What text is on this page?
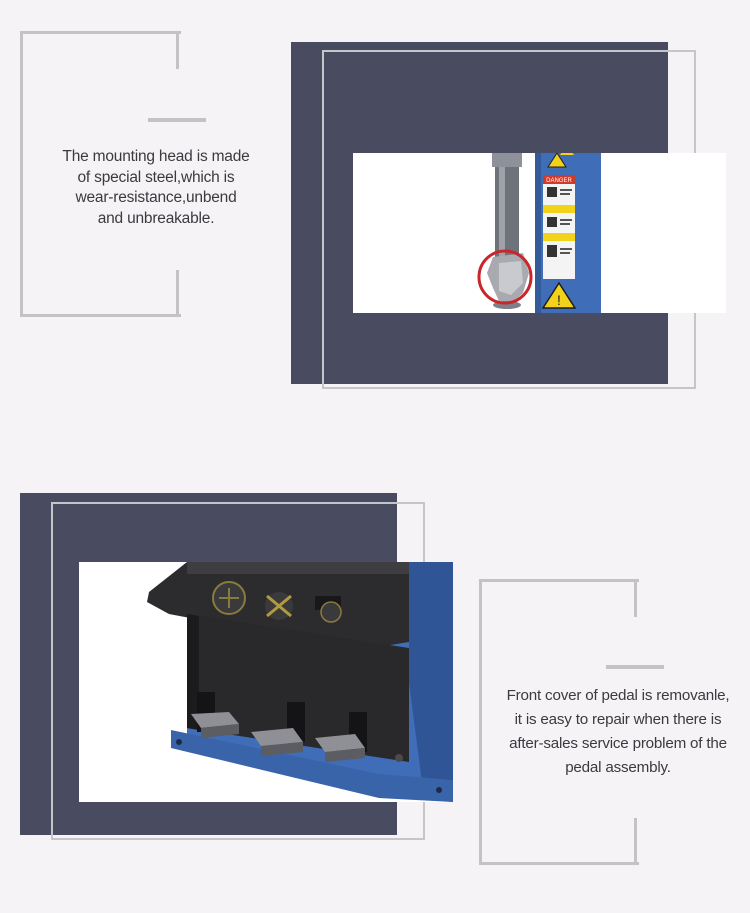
The mounting head is made
of special steel,which is
wear-resistance,unbend
and unbreakable.
DANGER
!
Front cover of pedal is removanle,
it is easy to repair when there is
after-sales service problem of the
pedal assembly.
